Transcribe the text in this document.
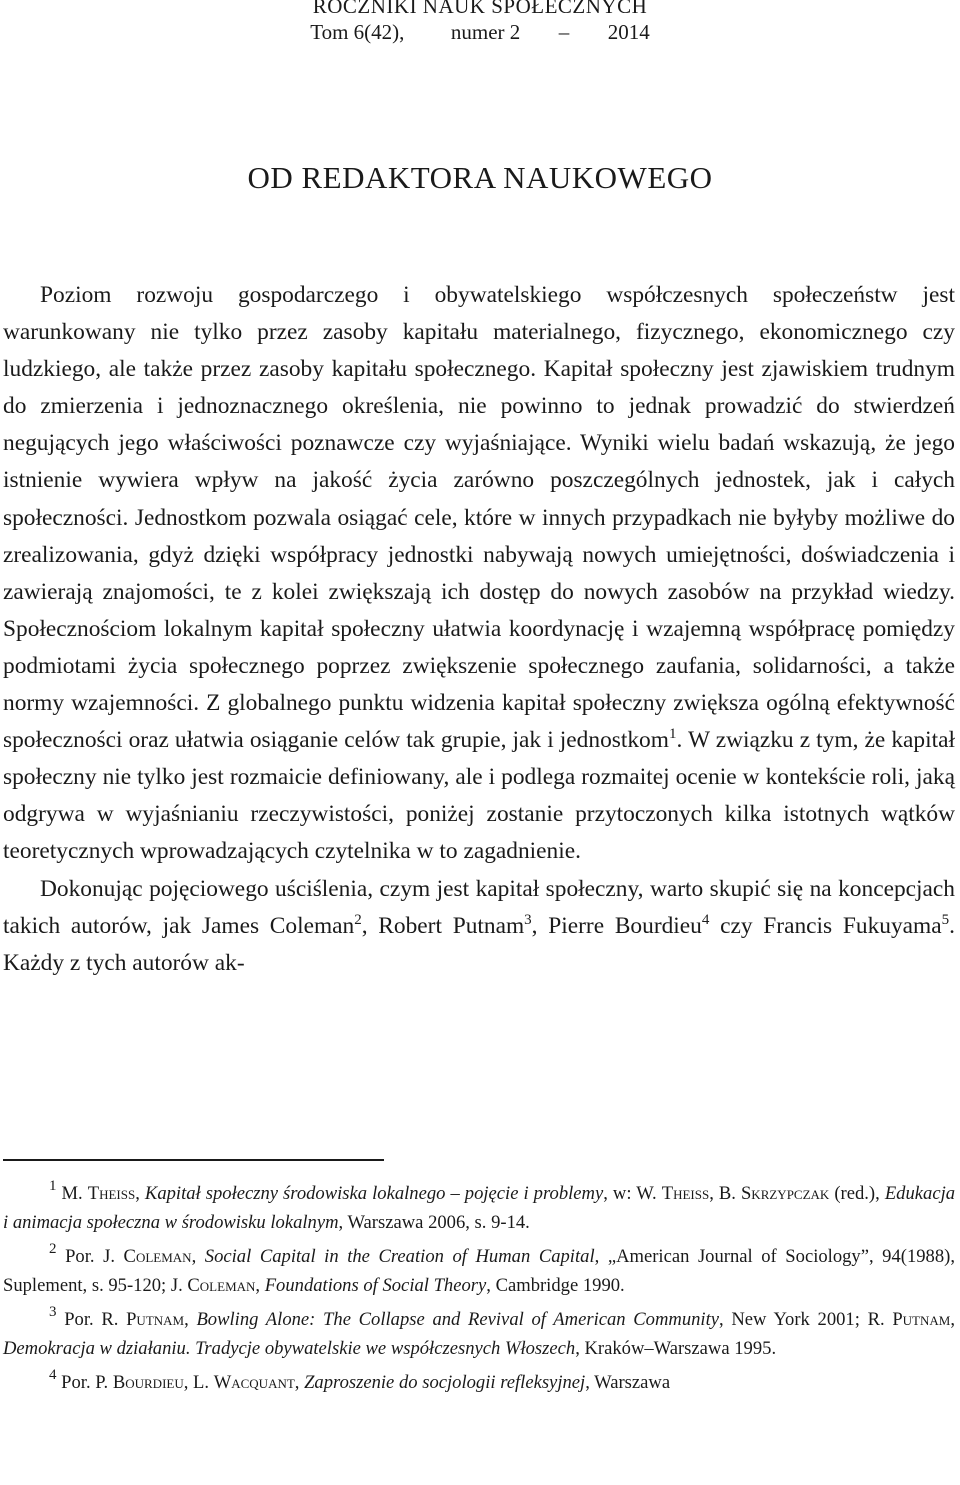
ROCZNIKI NAUK SPOŁECZNYCH
Tom 6(42), numer 2 – 2014
OD REDAKTORA NAUKOWEGO

Poziom rozwoju gospodarczego i obywatelskiego współczesnych społeczeństw jest warunkowany nie tylko przez zasoby kapitału materialnego, fizycznego, ekonomicznego czy ludzkiego, ale także przez zasoby kapitału społecznego. Kapitał społeczny jest zjawiskiem trudnym do zmierzenia i jednoznacznego określenia, nie powinno to jednak prowadzić do stwierdzeń negujących jego właściwości poznawcze czy wyjaśniające. Wyniki wielu badań wskazują, że jego istnienie wywiera wpływ na jakość życia zarówno poszczególnych jednostek, jak i całych społeczności. Jednostkom pozwala osiągać cele, które w innych przypadkach nie byłyby możliwe do zrealizowania, gdyż dzięki współpracy jednostki nabywają nowych umiejętności, doświadczenia i zawierają znajomości, te z kolei zwiększają ich dostęp do nowych zasobów na przykład wiedzy. Społecznościom lokalnym kapitał społeczny ułatwia koordynację i wzajemną współpracę pomiędzy podmiotami życia społecznego poprzez zwiększenie społecznego zaufania, solidarności, a także normy wzajemności. Z globalnego punktu widzenia kapitał społeczny zwiększa ogólną efektywność społeczności oraz ułatwia osiąganie celów tak grupie, jak i jednostkom$^1$. W związku z tym, że kapitał społeczny nie tylko jest rozmaicie definiowany, ale i podlega rozmaitej ocenie w kontekście roli, jaką odgrywa w wyjaśnianiu rzeczywistości, poniżej zostanie przytoczonych kilka istotnych wątków teoretycznych wprowadzających czytelnika w to zagadnienie.

Dokonując pojęciowego uściślenia, czym jest kapitał społeczny, warto skupić się na koncepcjach takich autorów, jak James Coleman$^2$, Robert Putnam$^3$, Pierre Bourdieu$^4$ czy Francis Fukuyama$^5$. Każdy z tych autorów ak-

$^1$ M. Theiss, Kapitał społeczny środowiska lokalnego – pojęcie i problemy, w: W. Theiss, B. Skrzypczak (red.), Edukacja i animacja społeczna w środowisku lokalnym, Warszawa 2006, s. 9-14.

$^2$ Por. J. Coleman, Social Capital in the Creation of Human Capital, „American Journal of Sociology”, 94(1988), Suplement, s. 95-120; J. Coleman, Foundations of Social Theory, Cambridge 1990.

$^3$ Por. R. Putnam, Bowling Alone: The Collapse and Revival of American Community, New York 2001; R. Putnam, Demokracja w działaniu. Tradycje obywatelskie we współczesnych Włoszech, Kraków–Warszawa 1995.

$^4$ Por. P. Bourdieu, L. Wacquant, Zaproszenie do socjologii refleksyjnej, Warszawa
